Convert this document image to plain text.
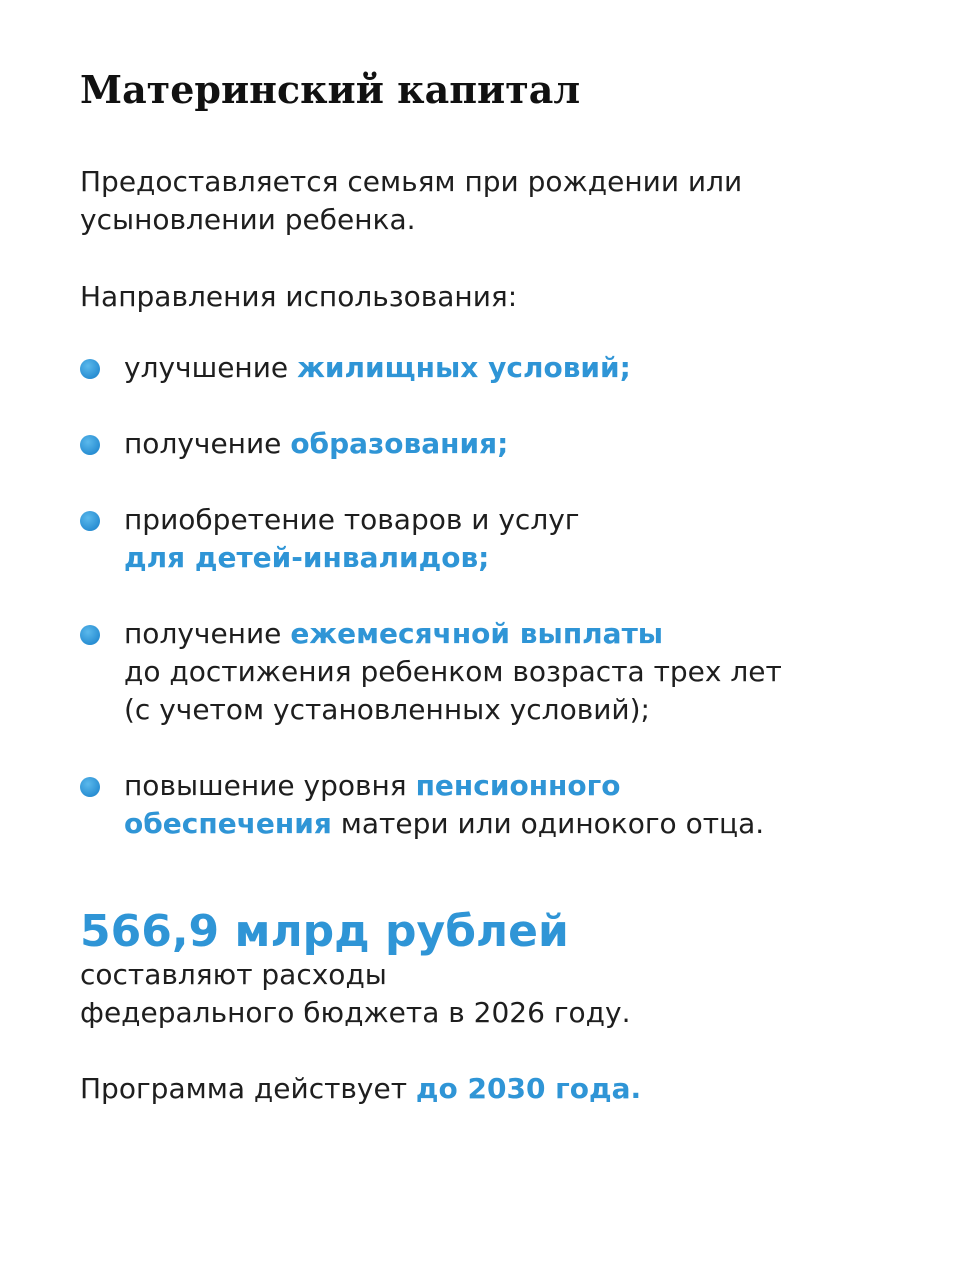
Материнский капитал

Предоставляется семьям при рождении или
усыновлении ребенка.

Направления использования:

улучшение жилищных условий;

получение образования;

приобретение товаров и услуг
для детей-инвалидов;

получение ежемесячной выплаты
до достижения ребенком возраста трех лет
(с учетом установленных условий);

повышение уровня пенсионного
обеспечения матери или одинокого отца.

566,9 млрд рублей

составляют расходы
федерального бюджета в 2026 году.

Программа действует до 2030 года.
